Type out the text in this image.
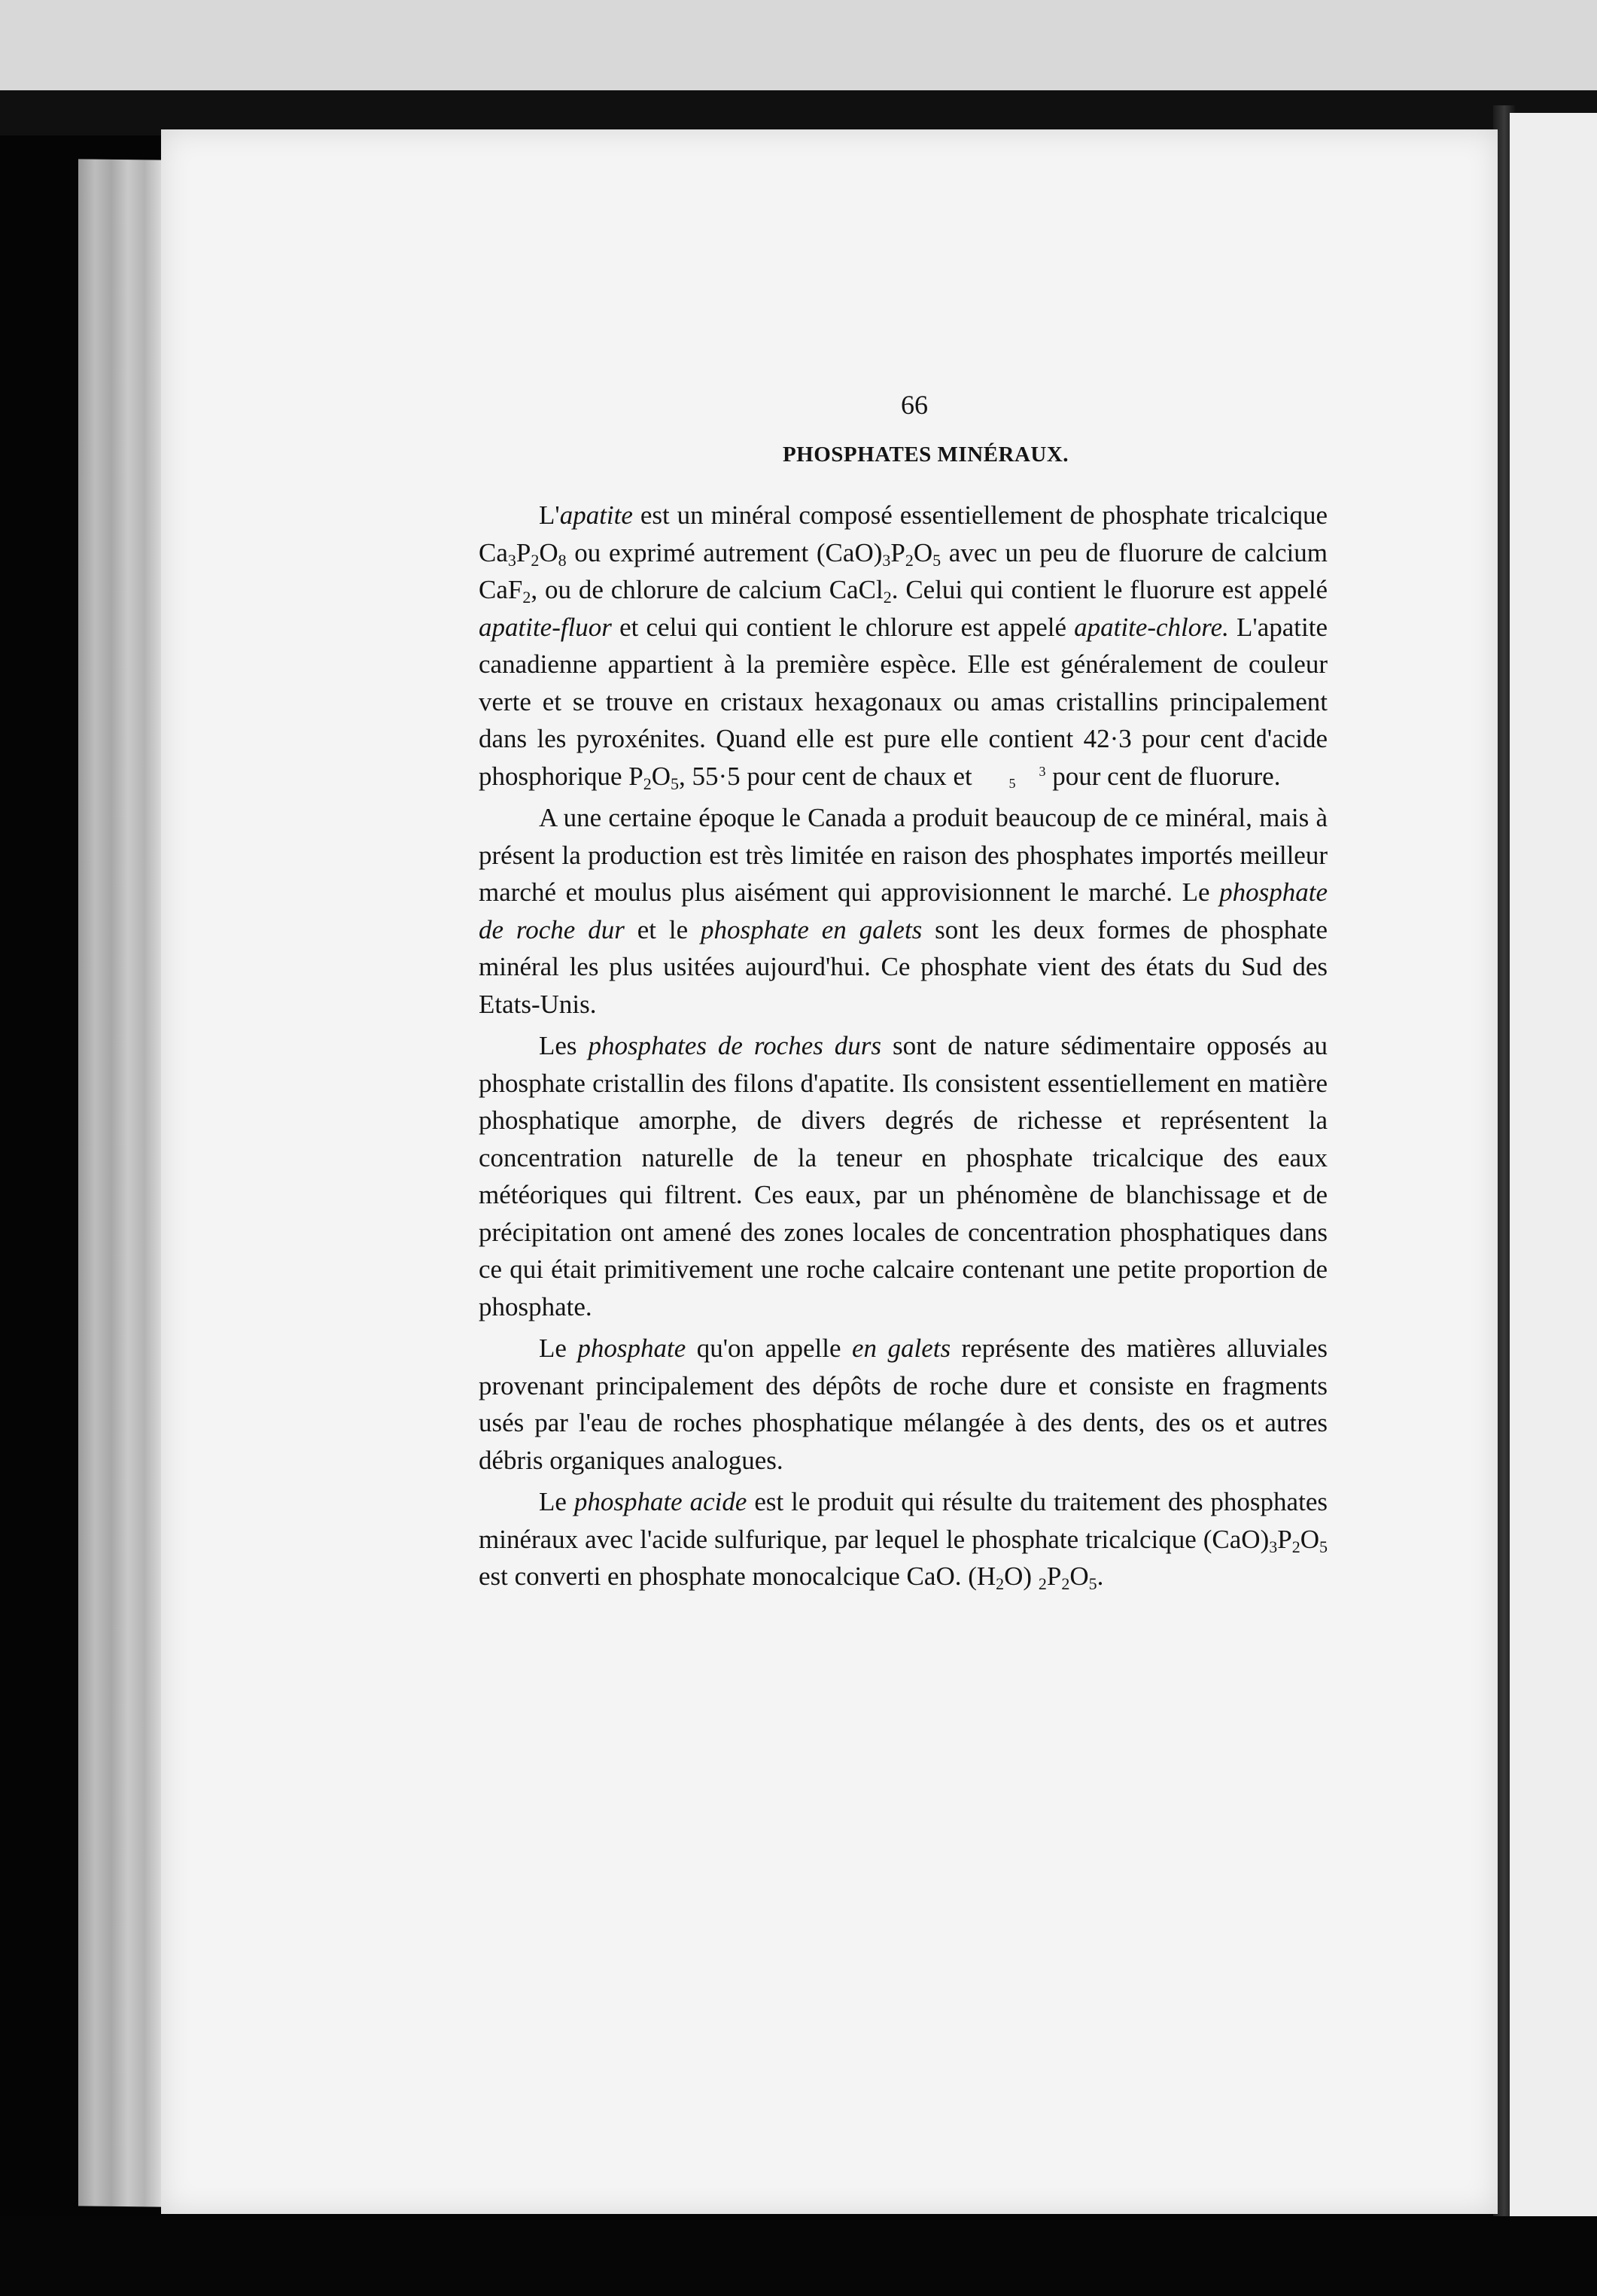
66
PHOSPHATES MINÉRAUX.

L'apatite est un minéral composé essentiellement de phosphate tricalcique $Ca_3P_2O_8$ ou exprimé autrement $(CaO)_3P_2O_5$ avec un peu de fluorure de calcium CaF$_2$, ou de chlorure de calcium CaCl$_2$. Celui qui contient le fluorure est appelé apatite-fluor et celui qui contient le chlorure est appelé apatite-chlore. L'apatite canadienne appartient à la première espèce. Elle est généralement de couleur verte et se trouve en cristaux hexagonaux ou amas cristallins principalement dans les pyroxénites. Quand elle est pure elle contient 42·3 pour cent d'acide phosphorique $P_2O_5$, 55·5 pour cent de chaux et	3
5 pour cent de fluorure.

A une certaine époque le Canada a produit beaucoup de ce minéral, mais à présent la production est très limitée en raison des phosphates importés meilleur marché et moulus plus aisément qui approvisionnent le marché. Le phosphate de roche dur et le phosphate en galets sont les deux formes de phosphate minéral les plus usitées aujourd'hui. Ce phosphate vient des états du Sud des Etats-Unis.

Les phosphates de roches durs sont de nature sédimentaire opposés au phosphate cristallin des filons d'apatite. Ils consistent essentiellement en matière phosphatique amorphe, de divers degrés de richesse et représentent la concentration naturelle de la teneur en phosphate tricalcique des eaux météoriques qui filtrent. Ces eaux, par un phénomène de blanchissage et de précipitation ont amené des zones locales de concentration phosphatiques dans ce qui était primitivement une roche calcaire contenant une petite proportion de phosphate.

Le phosphate qu'on appelle en galets représente des matières alluviales provenant principalement des dépôts de roche dure et consiste en fragments usés par l'eau de roches phosphatique mélangée à des dents, des os et autres débris organiques analogues.

Le phosphate acide est le produit qui résulte du traitement des phosphates minéraux avec l'acide sulfurique, par lequel le phosphate tricalcique $(CaO)_3P_2O_5$ est converti en phosphate monocalcique CaO. $(H_2O)$ $_2P_2O_5$.
